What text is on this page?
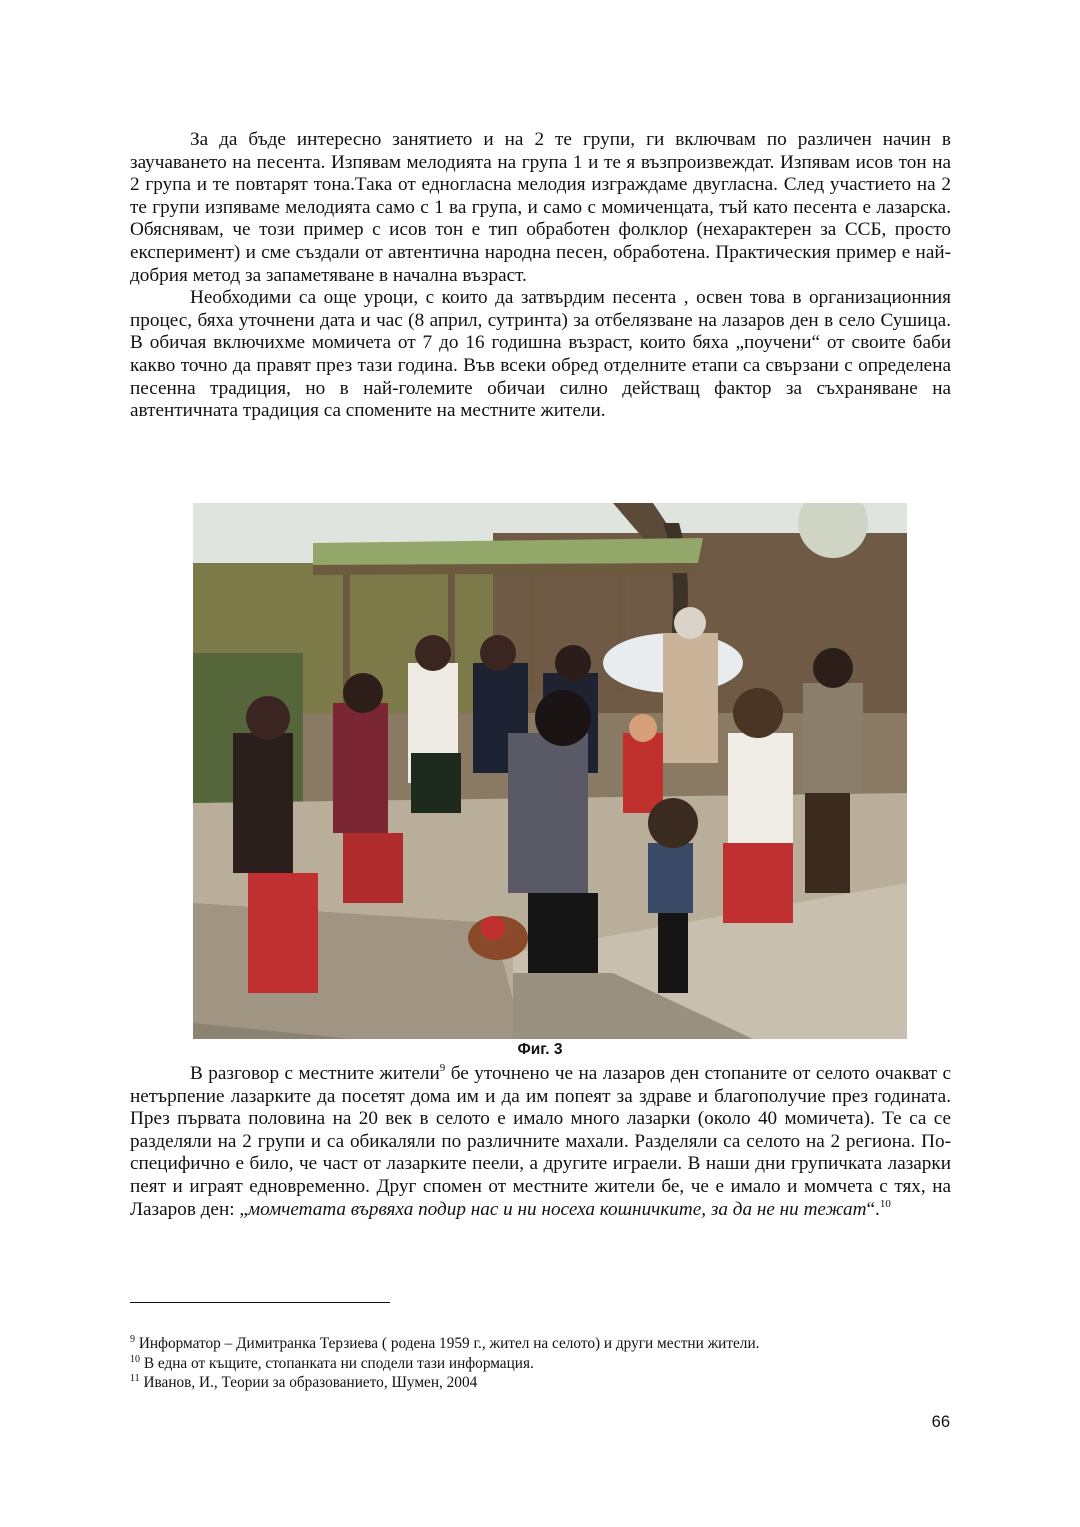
За да бъде интересно занятието и на 2 те групи, ги включвам по различен начин в заучаването на песента. Изпявам мелодията на група 1 и те я възпроизвеждат. Изпявам исов тон на 2 група и те повтарят тона.Така от едногласна мелодия изграждаме двугласна. След участието на 2 те групи изпяваме мелодията само с 1 ва група, и само с момиченцата, тъй като песента е лазарска. Обяснявам, че този пример с исов тон е тип обработен фолклор (нехарактерен за ССБ, просто експеримент) и сме създали от автентична народна песен, обработена. Практическия пример е най-добрия метод за запаметяване в начална възраст.

Необходими са още уроци, с които да затвърдим песента , освен това в организационния процес, бяха уточнени дата и час (8 април, сутринта) за отбелязване на лазаров ден в село Сушица. В обичая включихме момичета от 7 до 16 годишна възраст, които бяха „поучени“ от своите баби какво точно да правят през тази година. Във всеки обред отделните етапи са свързани с определена песенна традиция, но в най-големите обичаи силно действащ фактор за съхраняване на автентичната традиция са спомените на местните жители.

Фиг. 3

В разговор с местните жители$^9$ бе уточнено че на лазаров ден стопаните от селото очакват с нетърпение лазарките да посетят дома им и да им попеят за здраве и благополучие през годината. През първата половина на 20 век в селото е имало много лазарки (около 40 момичета). Те са се разделяли на 2 групи и са обикаляли по различните махали. Разделяли са селото на 2 региона. По-специфично е било, че част от лазарките пеели, а другите играели. В наши дни групичката лазарки пеят и играят едновременно. Друг спомен от местните жители бе, че е имало и момчета с тях, на Лазаров ден: „момчетата вървяха подир нас и ни носеха кошничките, за да не ни тежат“.$^{10}$

$^9$ Информатор – Димитранка Терзиева ( родена 1959 г., жител на селото) и други местни жители.
$^{10}$ В една от къщите, стопанката ни сподели тази информация.
$^{11}$ Иванов, И., Теории за образованието, Шумен, 2004
66
